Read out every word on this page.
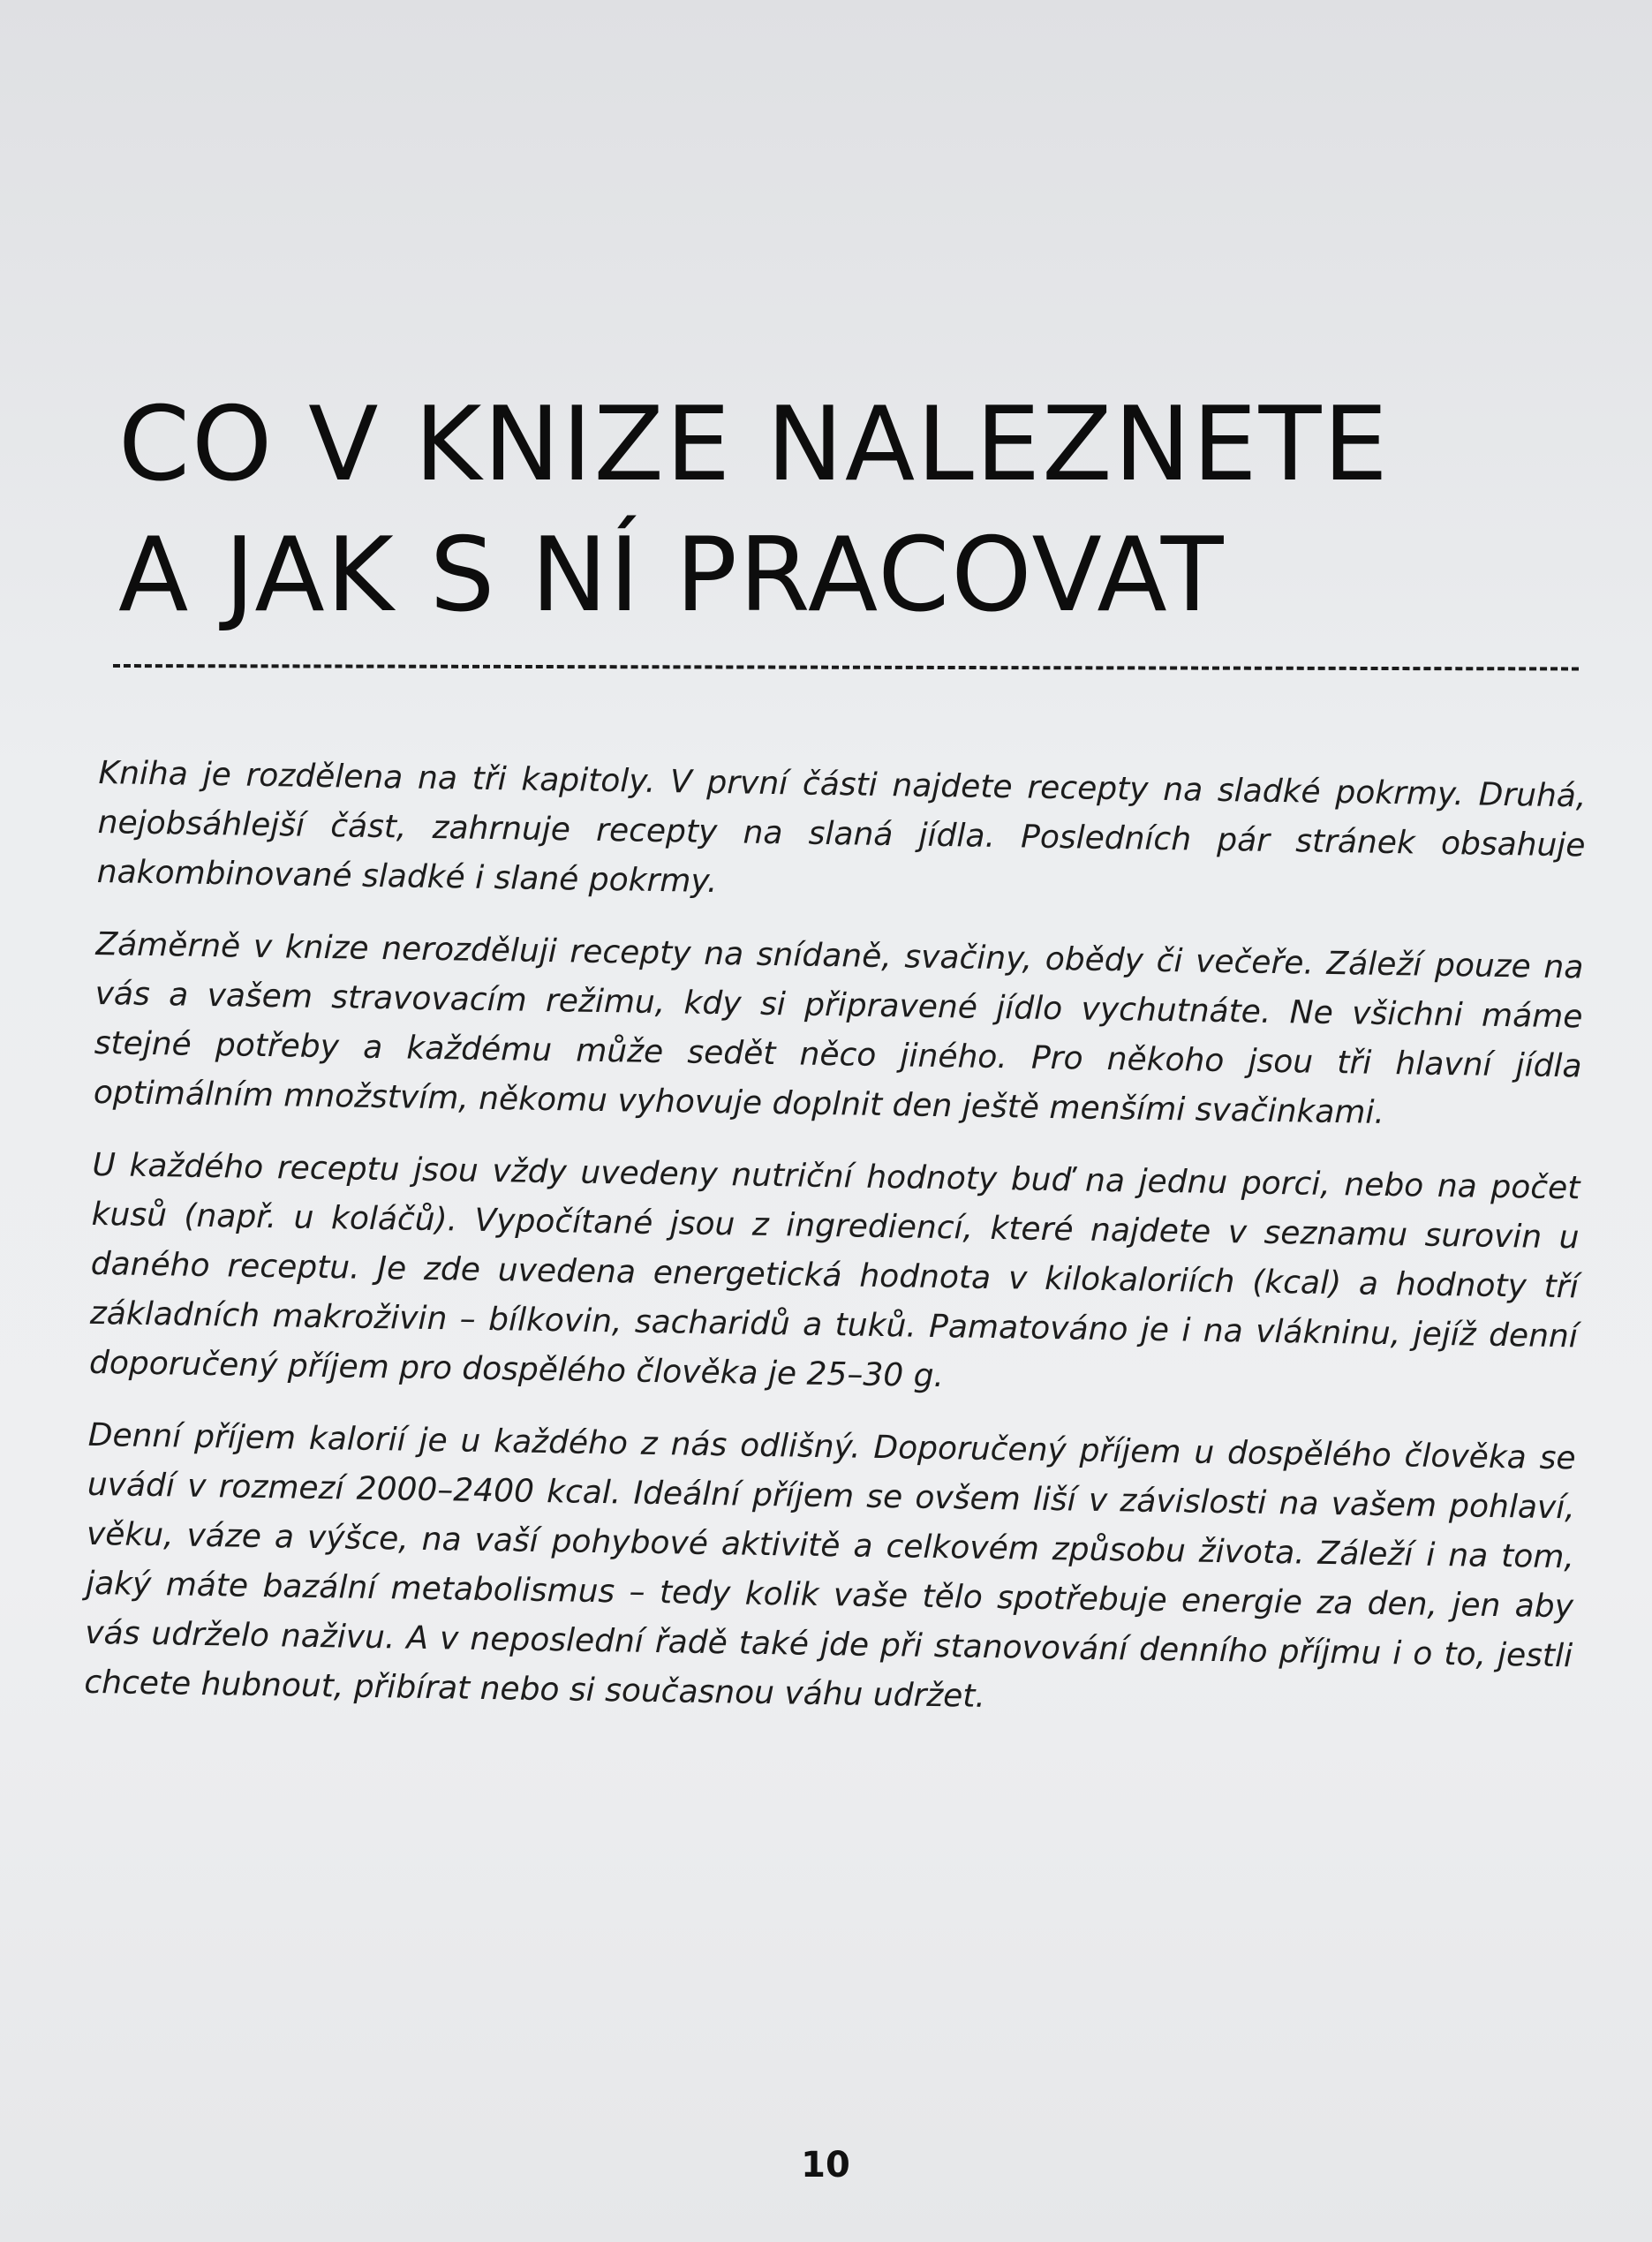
CO V KNIZE NALEZNETE
A JAK S NÍ PRACOVAT

Kniha je rozdělena na tři kapitoly. V první části najdete recepty na sladké pokrmy. Druhá, nejobsáhlejší část, zahrnuje recepty na slaná jídla. Posledních pár stránek obsahuje nakombinované sladké i slané pokrmy.

Záměrně v knize nerozděluji recepty na snídaně, svačiny, obědy či večeře. Záleží pouze na vás a vašem stravovacím režimu, kdy si připravené jídlo vychutnáte. Ne všichni máme stejné potřeby a každému může sedět něco jiného. Pro někoho jsou tři hlavní jídla optimálním množstvím, někomu vyhovuje doplnit den ještě menšími svačinkami.

U každého receptu jsou vždy uvedeny nutriční hodnoty buď na jednu porci, nebo na počet kusů (např. u koláčů). Vypočítané jsou z ingrediencí, které najdete v seznamu surovin u daného receptu. Je zde uvedena energetická hodnota v kilokaloriích (kcal) a hodnoty tří základních makroživin – bílkovin, sacharidů a tuků. Pamatováno je i na vlákninu, jejíž denní doporučený příjem pro dospělého člověka je 25–30 g.

Denní příjem kalorií je u každého z nás odlišný. Doporučený příjem u dospělého člověka se uvádí v rozmezí 2000–2400 kcal. Ideální příjem se ovšem liší v závislosti na vašem pohlaví, věku, váze a výšce, na vaší pohybové aktivitě a celkovém způsobu života. Záleží i na tom, jaký máte bazální metabolismus – tedy kolik vaše tělo spotřebuje energie za den, jen aby vás udrželo naživu. A v neposlední řadě také jde při stanovování denního příjmu i o to, jestli chcete hubnout, přibírat nebo si současnou váhu udržet.

10
